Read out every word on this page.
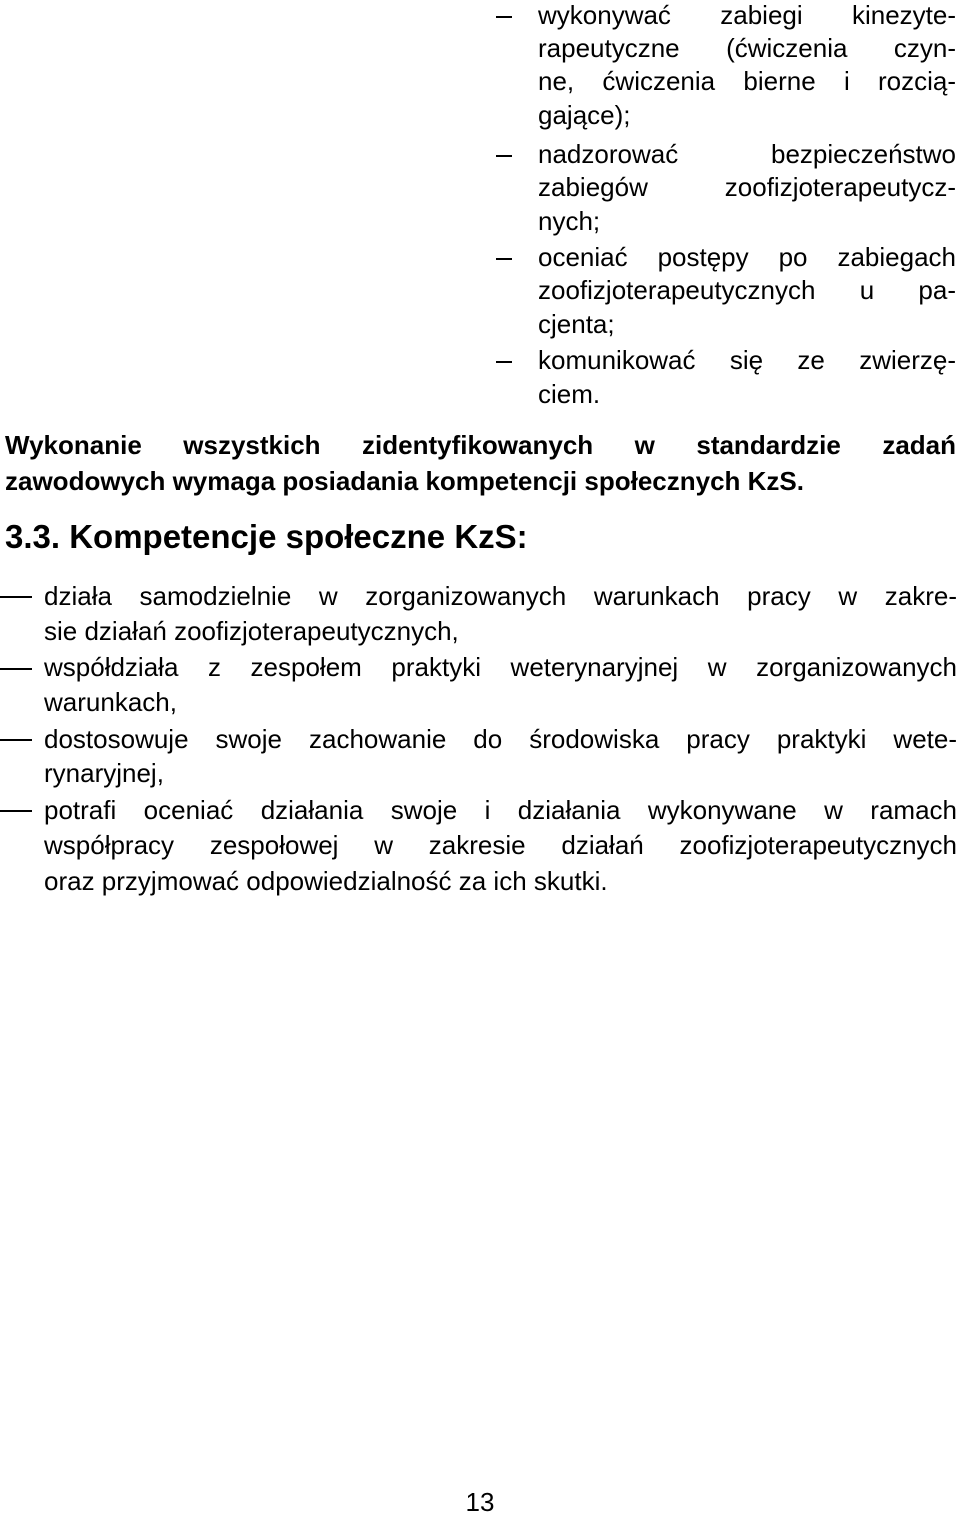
wykonywać zabiegi kinezyte-
rapeutyczne (ćwiczenia czyn-
ne, ćwiczenia bierne i rozcią-
gające);
nadzorować bezpieczeństwo
zabiegów zoofizjoterapeutycz-
nych;
oceniać postępy po zabiegach
zoofizjoterapeutycznych u pa-
cjenta;
komunikować się ze zwierzę-
ciem.
Wykonanie wszystkich zidentyfikowanych w standardzie zadań
zawodowych wymaga posiadania kompetencji społecznych KzS.
3.3. Kompetencje społeczne KzS:
działa samodzielnie w zorganizowanych warunkach pracy w zakre-
sie działań zoofizjoterapeutycznych,
współdziała z zespołem praktyki weterynaryjnej w zorganizowanych
warunkach,
dostosowuje swoje zachowanie do środowiska pracy praktyki wete-
rynaryjnej,
potrafi oceniać działania swoje i działania wykonywane w ramach
współpracy zespołowej w zakresie działań zoofizjoterapeutycznych
oraz przyjmować odpowiedzialność za ich skutki.
13
